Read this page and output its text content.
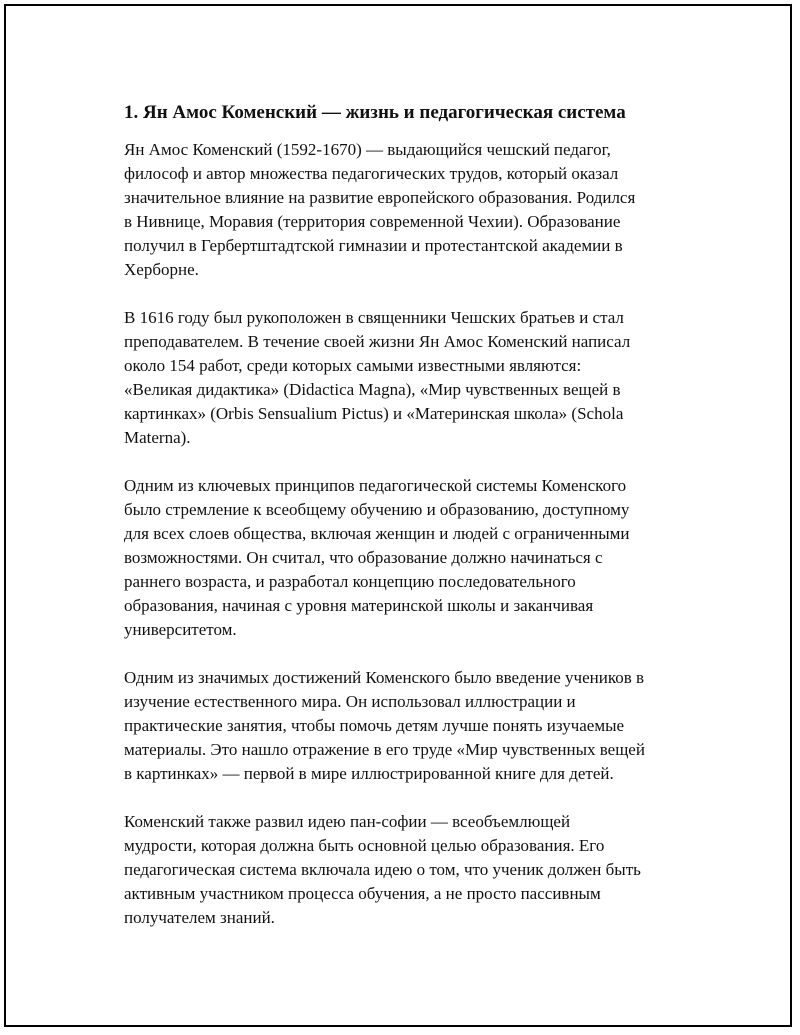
1. Ян Амос Коменский — жизнь и педагогическая система

Ян Амос Коменский (1592-1670) — выдающийся чешский педагог,
философ и автор множества педагогических трудов, который оказал
значительное влияние на развитие европейского образования. Родился
в Нивнице, Моравия (территория современной Чехии). Образование
получил в Гербертштадтской гимназии и протестантской академии в
Херборне.

В 1616 году был рукоположен в священники Чешских братьев и стал
преподавателем. В течение своей жизни Ян Амос Коменский написал
около 154 работ, среди которых самыми известными являются:
«Великая дидактика» (Didactica Magna), «Мир чувственных вещей в
картинках» (Orbis Sensualium Pictus) и «Материнская школа» (Schola
Materna).

Одним из ключевых принципов педагогической системы Коменского
было стремление к всеобщему обучению и образованию, доступному
для всех слоев общества, включая женщин и людей с ограниченными
возможностями. Он считал, что образование должно начинаться с
раннего возраста, и разработал концепцию последовательного
образования, начиная с уровня материнской школы и заканчивая
университетом.

Одним из значимых достижений Коменского было введение учеников в
изучение естественного мира. Он использовал иллюстрации и
практические занятия, чтобы помочь детям лучше понять изучаемые
материалы. Это нашло отражение в его труде «Мир чувственных вещей
в картинках» — первой в мире иллюстрированной книге для детей.

Коменский также развил идею пан-софии — всеобъемлющей
мудрости, которая должна быть основной целью образования. Его
педагогическая система включала идею о том, что ученик должен быть
активным участником процесса обучения, а не просто пассивным
получателем знаний.
